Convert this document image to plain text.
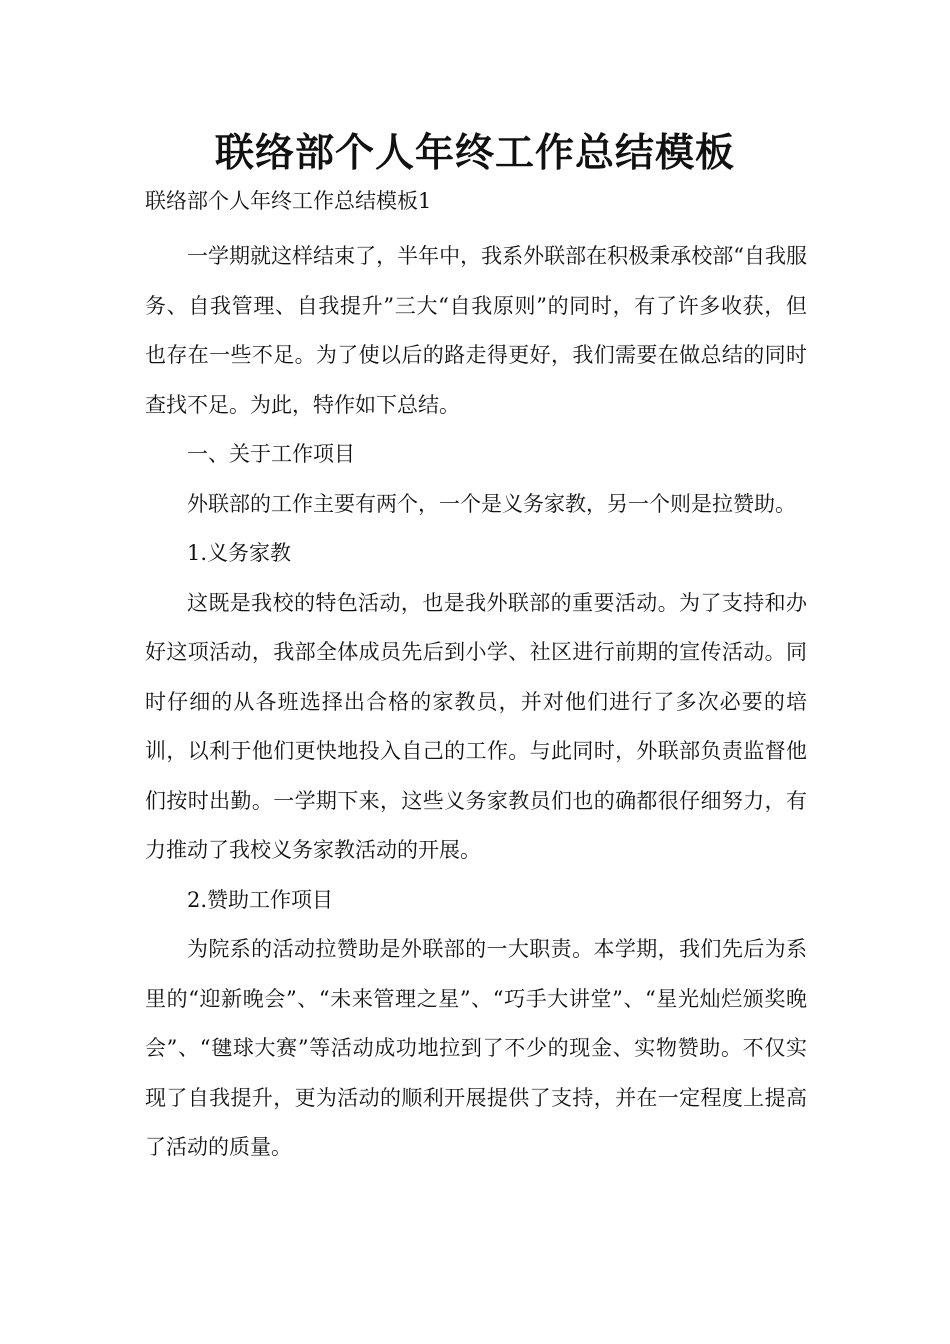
联络部个人年终工作总结模板
联络部个人年终工作总结模板1

一学期就这样结束了，半年中，我系外联部在积极秉承校部“自我服务、自我管理、自我提升”三大“自我原则”的同时，有了许多收获，但也存在一些不足。为了使以后的路走得更好，我们需要在做总结的同时查找不足。为此，特作如下总结。

一、关于工作项目

外联部的工作主要有两个，一个是义务家教，另一个则是拉赞助。

1.义务家教

这既是我校的特色活动，也是我外联部的重要活动。为了支持和办好这项活动，我部全体成员先后到小学、社区进行前期的宣传活动。同时仔细的从各班选择出合格的家教员，并对他们进行了多次必要的培训，以利于他们更快地投入自己的工作。与此同时，外联部负责监督他们按时出勤。一学期下来，这些义务家教员们也的确都很仔细努力，有力推动了我校义务家教活动的开展。

2.赞助工作项目

为院系的活动拉赞助是外联部的一大职责。本学期，我们先后为系里的“迎新晚会”、“未来管理之星”、“巧手大讲堂”、“星光灿烂颁奖晚会”、“毽球大赛”等活动成功地拉到了不少的现金、实物赞助。不仅实现了自我提升，更为活动的顺利开展提供了支持，并在一定程度上提高了活动的质量。
